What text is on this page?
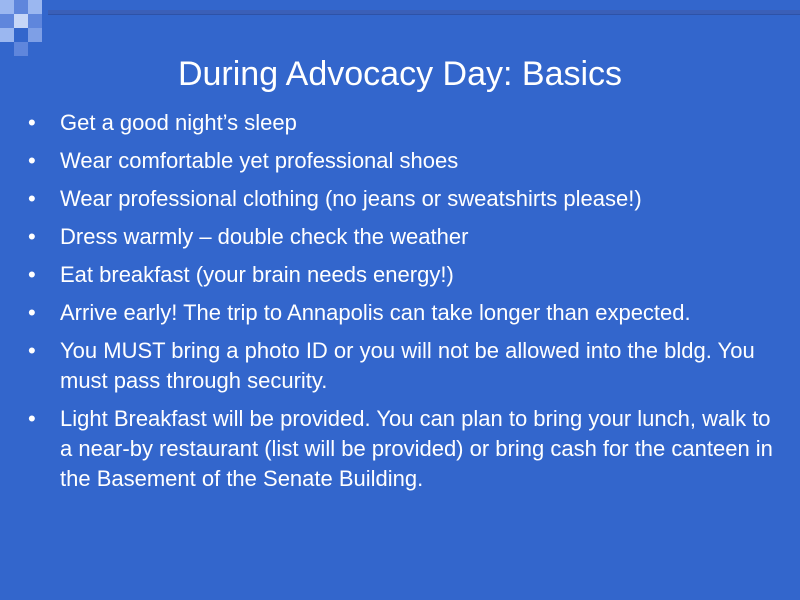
During Advocacy Day: Basics
•	Get a good night’s sleep
•	Wear comfortable yet professional shoes
•	Wear professional clothing (no jeans or sweatshirts please!)
•	Dress warmly – double check the weather
•	Eat breakfast (your brain needs energy!)
•	Arrive early! The trip to Annapolis can take longer than expected.
•	You MUST bring a photo ID or you will not be allowed into the bldg. You must pass through security.
•	Light Breakfast will be provided. You can plan to bring your lunch, walk to a near-by restaurant (list will be provided) or bring cash for the canteen in the Basement of the Senate Building.
